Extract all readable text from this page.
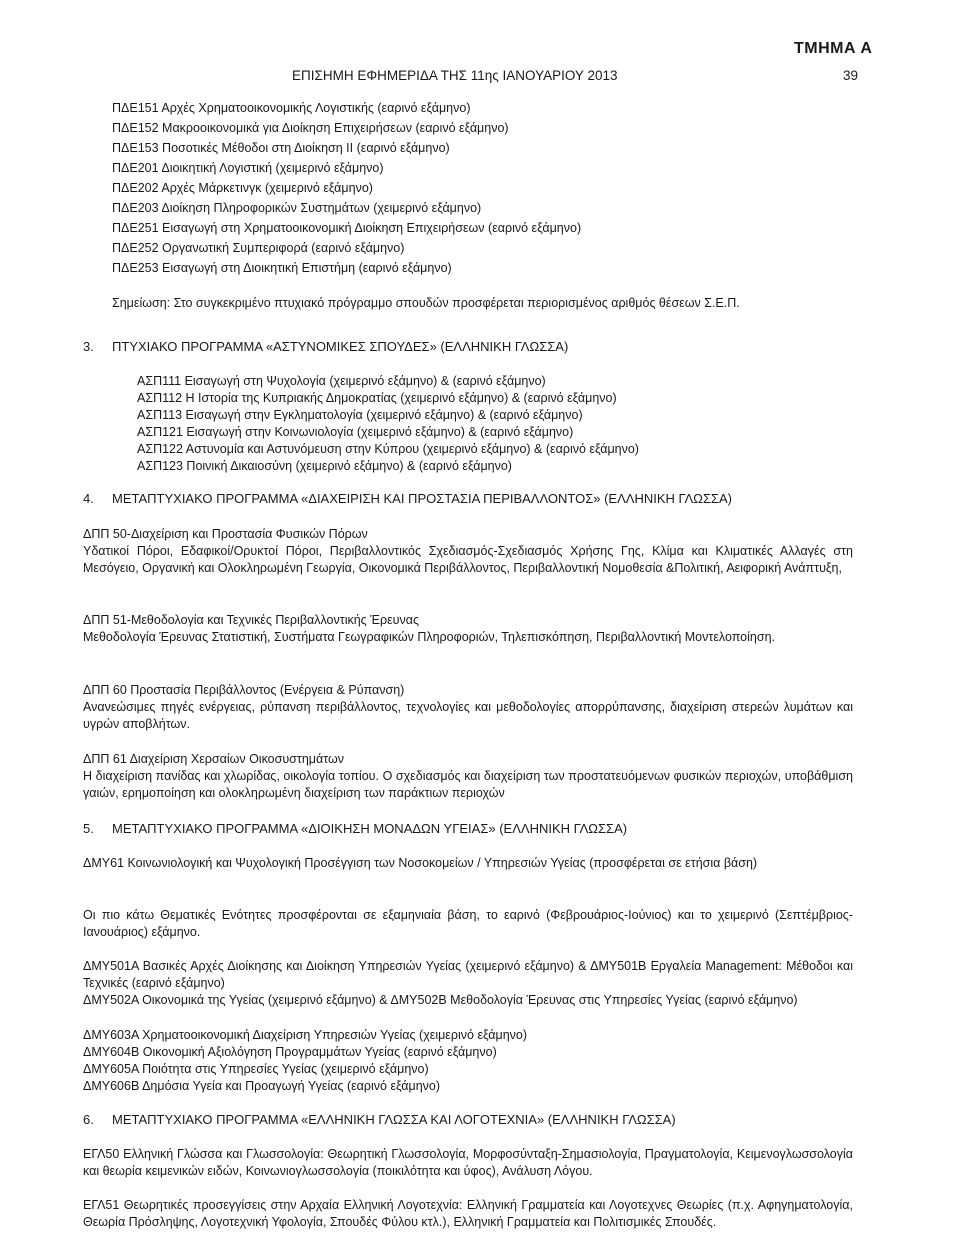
ΤΜΗΜΑ Α
ΕΠΙΣΗΜΗ ΕΦΗΜΕΡΙΔΑ ΤΗΣ 11ης ΙΑΝΟΥΑΡΙΟΥ 2013	39
ΠΔΕ151 Αρχές Χρηματοοικονομικής Λογιστικής (εαρινό εξάμηνο)
ΠΔΕ152 Μακροοικονομικά για Διοίκηση Επιχειρήσεων (εαρινό εξάμηνο)
ΠΔΕ153 Ποσοτικές Μέθοδοι στη Διοίκηση ΙΙ (εαρινό εξάμηνο)
ΠΔΕ201 Διοικητική Λογιστική (χειμερινό εξάμηνο)
ΠΔΕ202 Αρχές Μάρκετινγκ (χειμερινό εξάμηνο)
ΠΔΕ203 Διοίκηση Πληροφορικών Συστημάτων (χειμερινό εξάμηνο)
ΠΔΕ251 Εισαγωγή στη Χρηματοοικονομική Διοίκηση Επιχειρήσεων (εαρινό εξάμηνο)
ΠΔΕ252 Οργανωτική Συμπεριφορά (εαρινό εξάμηνο)
ΠΔΕ253 Εισαγωγή στη Διοικητική Επιστήμη (εαρινό εξάμηνο)
Σημείωση: Στο συγκεκριμένο πτυχιακό πρόγραμμο σπουδών προσφέρεται περιορισμένος αριθμός θέσεων Σ.Ε.Π.
3. ΠΤΥΧΙΑΚΟ ΠΡΟΓΡΑΜΜΑ «ΑΣΤΥΝΟΜΙΚΕΣ ΣΠΟΥΔΕΣ» (ΕΛΛΗΝΙΚΗ ΓΛΩΣΣΑ)
ΑΣΠ111 Εισαγωγή στη Ψυχολογία (χειμερινό εξάμηνο) & (εαρινό εξάμηνο)
ΑΣΠ112 Η Ιστορία της Κυπριακής Δημοκρατίας (χειμερινό εξάμηνο) & (εαρινό εξάμηνο)
ΑΣΠ113 Εισαγωγή στην Εγκληματολογία (χειμερινό εξάμηνο) & (εαρινό εξάμηνο)
ΑΣΠ121 Εισαγωγή στην Κοινωνιολογία (χειμερινό εξάμηνο) & (εαρινό εξάμηνο)
ΑΣΠ122 Αστυνομία και Αστυνόμευση στην Κύπρου (χειμερινό εξάμηνο) & (εαρινό εξάμηνο)
ΑΣΠ123 Ποινική Δικαιοσύνη (χειμερινό εξάμηνο) & (εαρινό εξάμηνο)
4. ΜΕΤΑΠΤΥΧΙΑΚΟ ΠΡΟΓΡΑΜΜΑ «ΔΙΑΧΕΙΡΙΣΗ ΚΑΙ ΠΡΟΣΤΑΣΙΑ ΠΕΡΙΒΑΛΛΟΝΤΟΣ» (ΕΛΛΗΝΙΚΗ ΓΛΩΣΣΑ)
ΔΠΠ 50-Διαχείριση και Προστασία Φυσικών Πόρων
Υδατικοί Πόροι, Εδαφικοί/Ορυκτοί Πόροι, Περιβαλλοντικός Σχεδιασμός-Σχεδιασμός Χρήσης Γης, Κλίμα και Κλιματικές Αλλαγές στη Μεσόγειο, Οργανική και Ολοκληρωμένη Γεωργία, Οικονομικά Περιβάλλοντος, Περιβαλλοντική Νομοθεσία &Πολιτική, Αειφορική Ανάπτυξη,
ΔΠΠ 51-Μεθοδολογία και Τεχνικές Περιβαλλοντικής Έρευνας
Μεθοδολογία Έρευνας Στατιστική, Συστήματα Γεωγραφικών Πληροφοριών, Τηλεπισκόπηση, Περιβαλλοντική Μοντελοποίηση.
ΔΠΠ 60 Προστασία Περιβάλλοντος (Ενέργεια & Ρύπανση)
Ανανεώσιμες πηγές ενέργειας, ρύπανση περιβάλλοντος, τεχνολογίες και μεθοδολογίες απορρύπανσης, διαχείριση στερεών λυμάτων και υγρών αποβλήτων.
ΔΠΠ 61 Διαχείριση Χερσαίων Οικοσυστημάτων
Η διαχείριση πανίδας και χλωρίδας, οικολογία τοπίου. Ο σχεδιασμός και διαχείριση των προστατευόμενων φυσικών περιοχών, υποβάθμιση γαιών, ερημοποίηση και ολοκληρωμένη διαχείριση των παράκτιων περιοχών
5. ΜΕΤΑΠΤΥΧΙΑΚΟ ΠΡΟΓΡΑΜΜΑ «ΔΙΟΙΚΗΣΗ ΜΟΝΑΔΩΝ ΥΓΕΙΑΣ» (ΕΛΛΗΝΙΚΗ ΓΛΩΣΣΑ)
ΔΜΥ61 Κοινωνιολογική και Ψυχολογική Προσέγγιση των Νοσοκομείων / Υπηρεσιών Υγείας (προσφέρεται σε ετήσια βάση)
Οι πιο κάτω Θεματικές Ενότητες προσφέρονται σε εξαμηνιαία βάση, το εαρινό (Φεβρουάριος-Ιούνιος) και το χειμερινό (Σεπτέμβριος-Ιανουάριος) εξάμηνο.
ΔΜΥ501Α Βασικές Αρχές Διοίκησης και Διοίκηση Υπηρεσιών Υγείας (χειμερινό εξάμηνο) & ΔΜΥ501Β Εργαλεία Management: Μέθοδοι και Τεχνικές (εαρινό εξάμηνο)
ΔΜΥ502Α Οικονομικά της Υγείας (χειμερινό εξάμηνο) & ΔΜΥ502Β Μεθοδολογία Έρευνας στις Υπηρεσίες Υγείας (εαρινό εξάμηνο)
ΔΜΥ603Α Χρηματοοικονομική Διαχείριση Υπηρεσιών Υγείας (χειμερινό εξάμηνο)
ΔΜΥ604Β Οικονομική Αξιολόγηση Προγραμμάτων Υγείας (εαρινό εξάμηνο)
ΔΜΥ605Α Ποιότητα στις Υπηρεσίες Υγείας (χειμερινό εξάμηνο)
ΔΜΥ606Β Δημόσια Υγεία και Προαγωγή Υγείας (εαρινό εξάμηνο)
6. ΜΕΤΑΠΤΥΧΙΑΚΟ ΠΡΟΓΡΑΜΜΑ «ΕΛΛΗΝΙΚΗ ΓΛΩΣΣΑ ΚΑΙ ΛΟΓΟΤΕΧΝΙΑ» (ΕΛΛΗΝΙΚΗ ΓΛΩΣΣΑ)
ΕΓΛ50 Ελληνική Γλώσσα και Γλωσσολογία: Θεωρητική Γλωσσολογία, Μορφοσύνταξη-Σημασιολογία, Πραγματολογία, Κειμενογλωσσολογία και θεωρία κειμενικών ειδών, Κοινωνιογλωσσολογία (ποικιλότητα και ύφος), Ανάλυση Λόγου.
ΕΓΛ51 Θεωρητικές προσεγγίσεις στην Αρχαία Ελληνική Λογοτεχνία: Ελληνική Γραμματεία και Λογοτεχνες Θεωρίες (π.χ. Αφηγηματολογία, Θεωρία Πρόσληψης, Λογοτεχνική Υφολογία, Σπουδές Φύλου κτλ.), Ελληνική Γραμματεία και Πολιτισμικές Σπουδές.
